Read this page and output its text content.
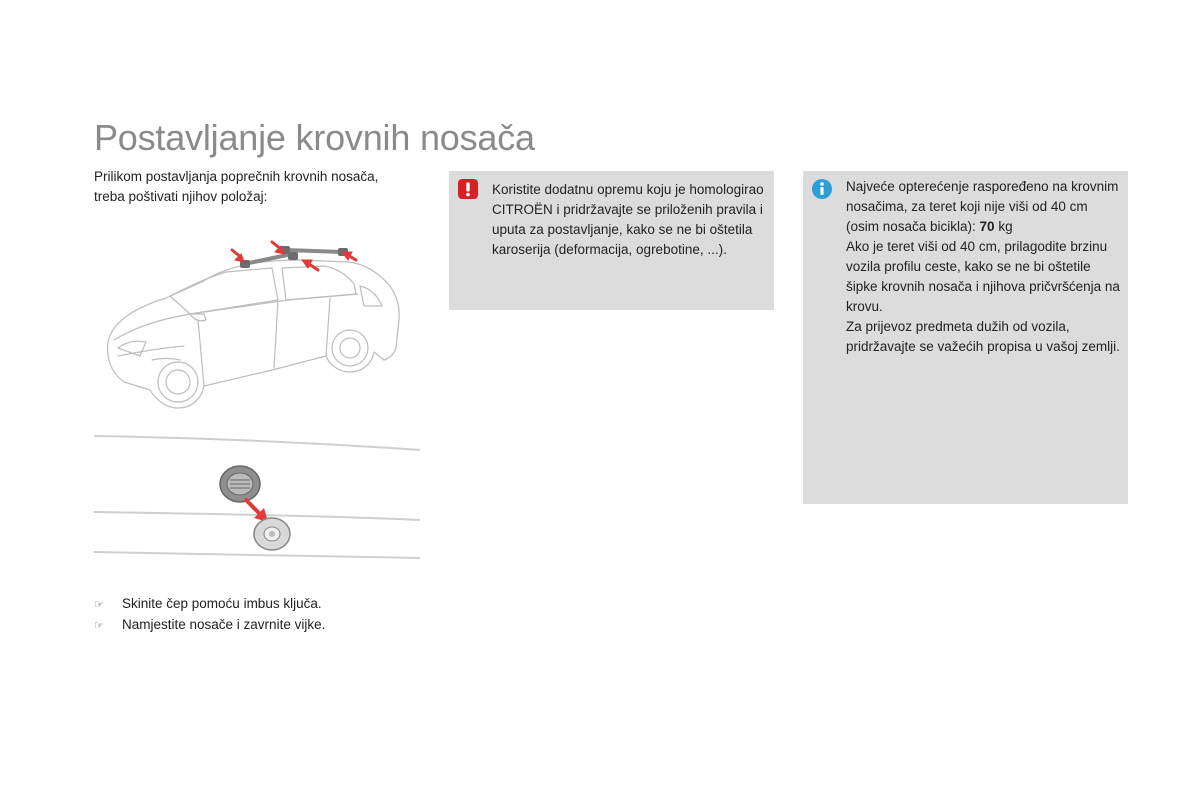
Postavljanje krovnih nosača
Prilikom postavljanja poprečnih krovnih nosača, treba poštivati njihov položaj:
☞	Skinite čep pomoću imbus ključa.
☞	Namjestite nosače i zavrnite vijke.
Koristite dodatnu opremu koju je homologirao CITROËN i pridržavajte se priloženih pravila i uputa za postavljanje, kako se ne bi oštetila karoserija (deformacija, ogrebotine, ...).
Najveće opterećenje raspoređeno na krovnim nosačima, za teret koji nije viši od 40 cm (osim nosača bicikla): 70 kg
Ako je teret viši od 40 cm, prilagodite brzinu vozila profilu ceste, kako se ne bi oštetile šipke krovnih nosača i njihova pričvršćenja na krovu.
Za prijevoz predmeta dužih od vozila, pridržavajte se važećih propisa u vašoj zemlji.
